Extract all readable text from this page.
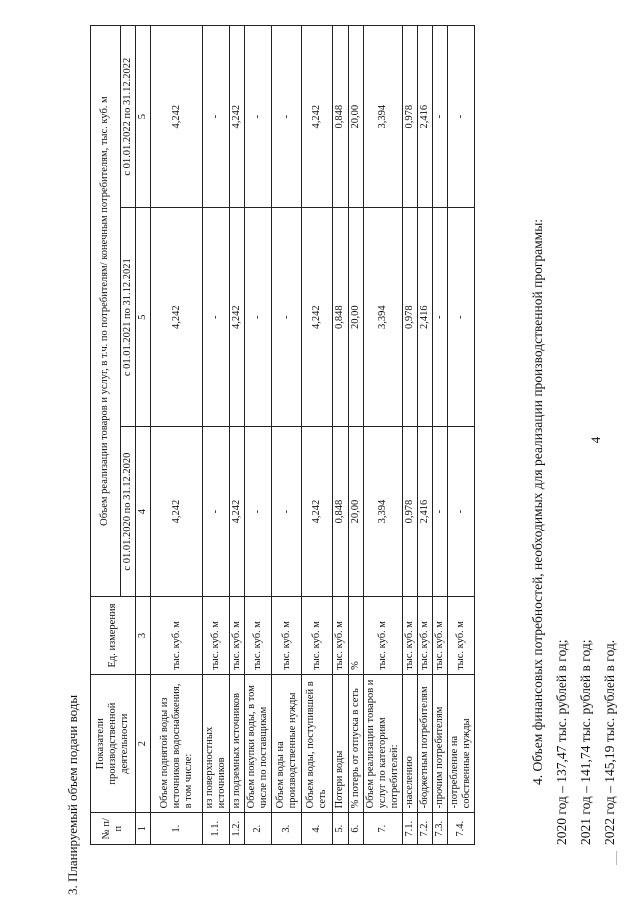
4
3. Планируемый объем подачи воды № п/п	Показатели производственной деятельности	Ед. измерения	Объем реализации товаров и услуг, в т.ч. по потребителям/ конечным потребителям, тыс. куб. м		
			с 01.01.2020 по 31.12.2020	с 01.01.2021 по 31.12.2021	с 01.01.2022 по 31.12.2022
1	2	3	4	5	5
1.	Объем поднятой воды из источников водоснабжения, в том числе:	тыс. куб. м	4,242	4,242	4,242
1.1.	из поверхностных источников	тыс. куб. м	-	-	-
1.2.	из подземных источников	тыс. куб. м	4,242	4,242	4,242
2.	Объем покупки воды, в том числе по поставщикам	тыс. куб. м	-	-	-
3.	Объем воды на производственные нужды	тыс. куб. м	-	-	-
4.	Объем воды, поступившей в сеть	тыс. куб. м	4,242	4,242	4,242
5.	Потери воды	тыс. куб. м	0,848	0,848	0,848
6.	% потерь от отпуска в сеть	%	20,00	20,00	20,00
7.	Объем реализации товаров и услуг по категориям потребителей:	тыс. куб. м	3,394	3,394	3,394
7.1.	-населению	тыс. куб. м	0,978	0,978	0,978
7.2.	-бюджетным потребителям	тыс. куб. м	2,416	2,416	2,416
7.3.	-прочим потребителям	тыс. куб. м	-	-	-
7.4.	-потребление на собственные нужды	тыс. куб. м	-	-	-
4. Объем финансовых потребностей, необходимых для реализации производственной программы: 2020 год – 137,47 тыс. рублей в год; 2021 год – 141,74 тыс. рублей в год; 2022 год – 145,19 тыс. рублей в год.
